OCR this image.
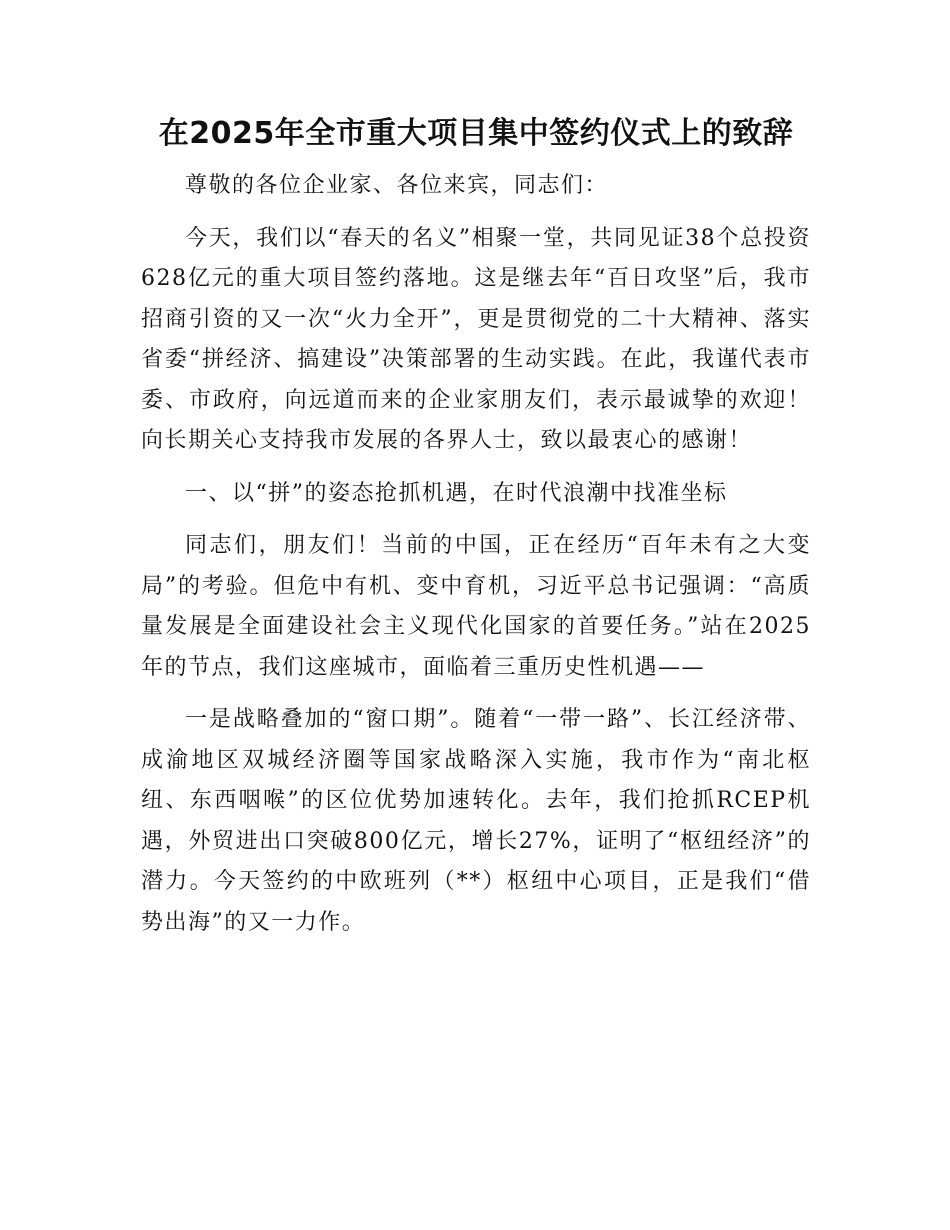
在2025年全市重大项目集中签约仪式上的致辞

尊敬的各位企业家、各位来宾，同志们：

今天，我们以“春天的名义”相聚一堂，共同见证38个总投资628亿元的重大项目签约落地。这是继去年“百日攻坚”后，我市招商引资的又一次“火力全开”，更是贯彻党的二十大精神、落实省委“拼经济、搞建设”决策部署的生动实践。在此，我谨代表市委、市政府，向远道而来的企业家朋友们，表示最诚挚的欢迎！向长期关心支持我市发展的各界人士，致以最衷心的感谢！

一、以“拼”的姿态抢抓机遇，在时代浪潮中找准坐标

同志们，朋友们！当前的中国，正在经历“百年未有之大变局”的考验。但危中有机、变中育机，习近平总书记强调：“高质量发展是全面建设社会主义现代化国家的首要任务。”站在2025年的节点，我们这座城市，面临着三重历史性机遇——

一是战略叠加的“窗口期”。随着“一带一路”、长江经济带、成渝地区双城经济圈等国家战略深入实施，我市作为“南北枢纽、东西咽喉”的区位优势加速转化。去年，我们抢抓RCEP机遇，外贸进出口突破800亿元，增长27%，证明了“枢纽经济”的潜力。今天签约的中欧班列（**）枢纽中心项目，正是我们“借势出海”的又一力作。
